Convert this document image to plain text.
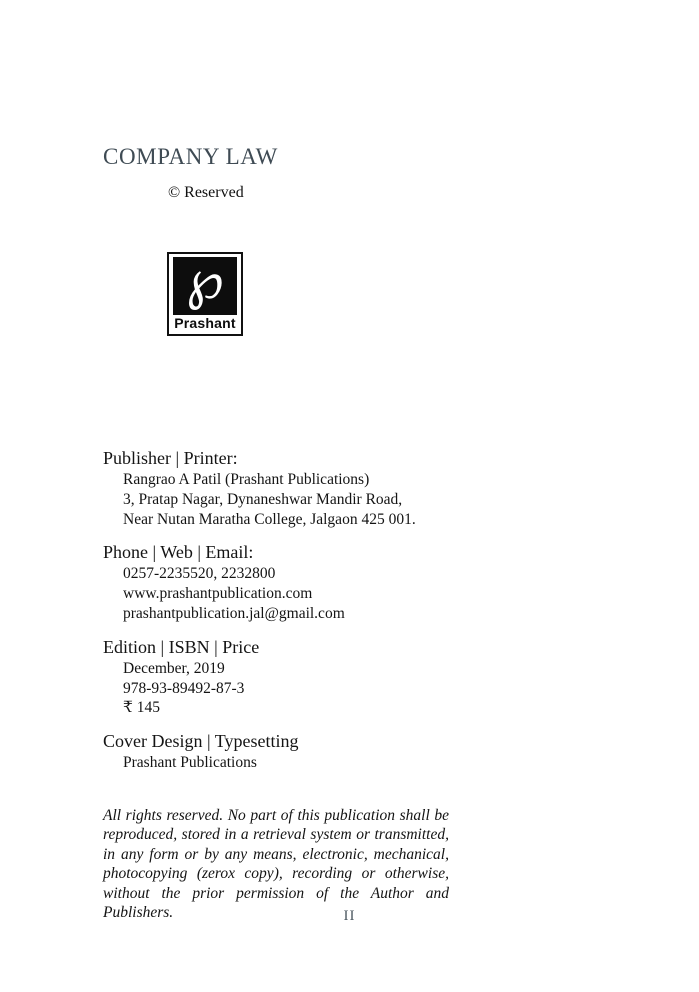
COMPANY LAW
© Reserved
℘
Prashant
Publisher | Printer:
Rangrao A Patil (Prashant Publications)
3, Pratap Nagar, Dynaneshwar Mandir Road,
Near Nutan Maratha College, Jalgaon 425 001.
Phone | Web | Email:
0257-2235520, 2232800
www.prashantpublication.com
prashantpublication.jal@gmail.com
Edition | ISBN | Price
December, 2019
978-93-89492-87-3
₹ 145
Cover Design | Typesetting
Prashant Publications
All rights reserved. No part of this publication shall be reproduced, stored in a retrieval system or transmitted, in any form or by any means, electronic, mechanical, photocopying (zerox copy), recording or otherwise, without the prior permission of the Author and Publishers.	II
